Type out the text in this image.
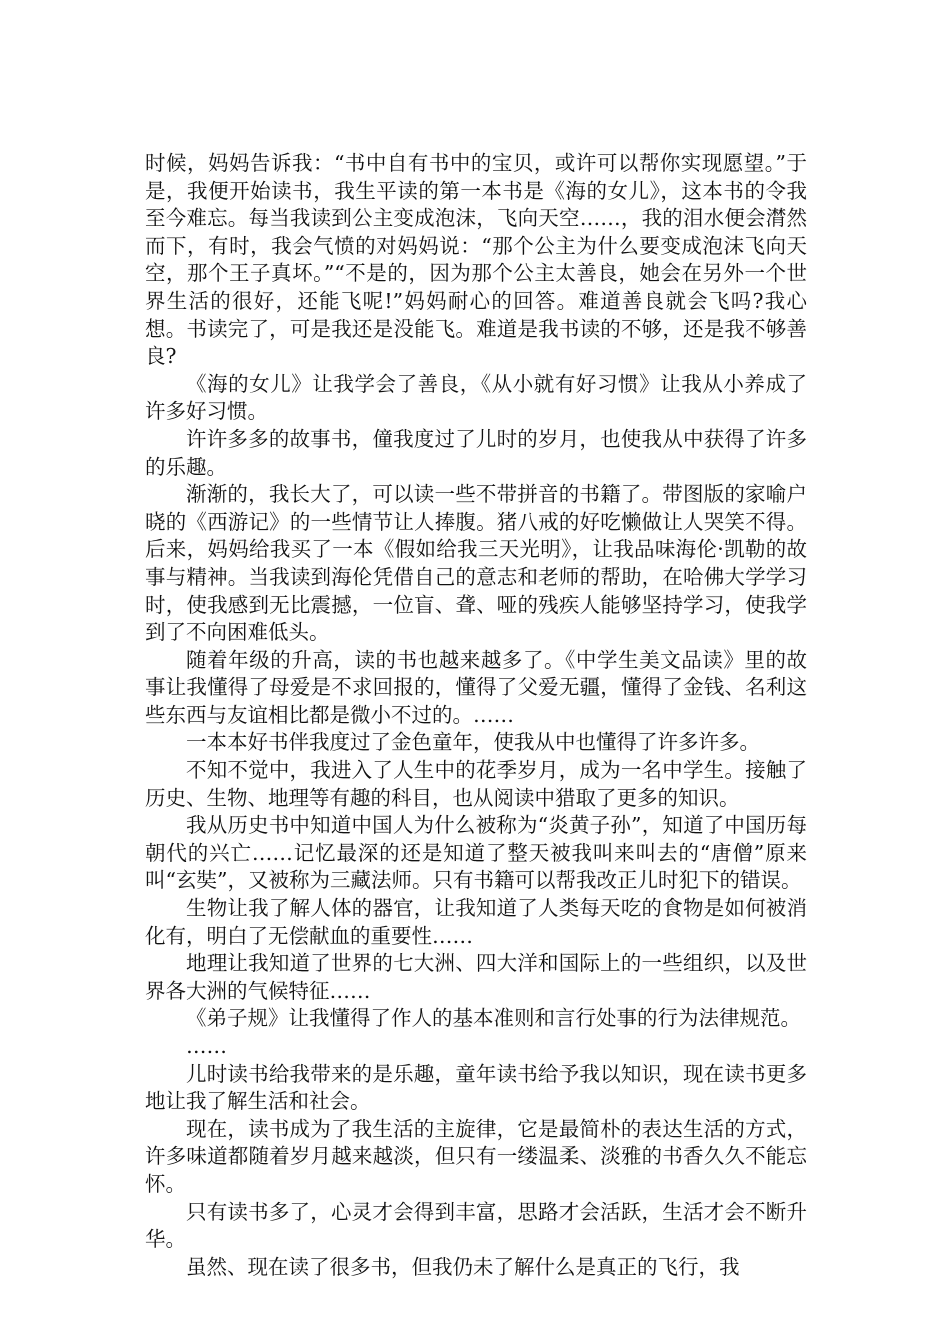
时候，妈妈告诉我：“书中自有书中的宝贝，或许可以帮你实现愿望。”于是，我便开始读书，我生平读的第一本书是《海的女儿》，这本书的令我至今难忘。每当我读到公主变成泡沫，飞向天空……，我的泪水便会潸然而下，有时，我会气愤的对妈妈说：“那个公主为什么要变成泡沫飞向天空，那个王子真坏。”“不是的，因为那个公主太善良，她会在另外一个世界生活的很好，还能飞呢!”妈妈耐心的回答。难道善良就会飞吗?我心想。书读完了，可是我还是没能飞。难道是我书读的不够，还是我不够善良?

《海的女儿》让我学会了善良，《从小就有好习惯》让我从小养成了许多好习惯。

许许多多的故事书，僮我度过了儿时的岁月，也使我从中获得了许多的乐趣。

渐渐的，我长大了，可以读一些不带拼音的书籍了。带图版的家喻户晓的《西游记》的一些情节让人捧腹。猪八戒的好吃懒做让人哭笑不得。后来，妈妈给我买了一本《假如给我三天光明》，让我品味海伦·凯勒的故事与精神。当我读到海伦凭借自己的意志和老师的帮助，在哈佛大学学习时，使我感到无比震撼，一位盲、聋、哑的残疾人能够坚持学习，使我学到了不向困难低头。

随着年级的升高，读的书也越来越多了。《中学生美文品读》里的故事让我懂得了母爱是不求回报的，懂得了父爱无疆，懂得了金钱、名利这些东西与友谊相比都是微小不过的。……

一本本好书伴我度过了金色童年，使我从中也懂得了许多许多。

不知不觉中，我进入了人生中的花季岁月，成为一名中学生。接触了历史、生物、地理等有趣的科目，也从阅读中猎取了更多的知识。

我从历史书中知道中国人为什么被称为“炎黄子孙”，知道了中国历每朝代的兴亡……记忆最深的还是知道了整天被我叫来叫去的“唐僧”原来叫“玄奘”，又被称为三藏法师。只有书籍可以帮我改正儿时犯下的错误。

生物让我了解人体的器官，让我知道了人类每天吃的食物是如何被消化有，明白了无偿献血的重要性……

地理让我知道了世界的七大洲、四大洋和国际上的一些组织，以及世界各大洲的气候特征……

《弟子规》让我懂得了作人的基本准则和言行处事的行为法律规范。

……

儿时读书给我带来的是乐趣，童年读书给予我以知识，现在读书更多地让我了解生活和社会。

现在，读书成为了我生活的主旋律，它是最简朴的表达生活的方式，许多味道都随着岁月越来越淡，但只有一缕温柔、淡雅的书香久久不能忘怀。

只有读书多了，心灵才会得到丰富，思路才会活跃，生活才会不断升华。

虽然、现在读了很多书，但我仍未了解什么是真正的飞行，我
